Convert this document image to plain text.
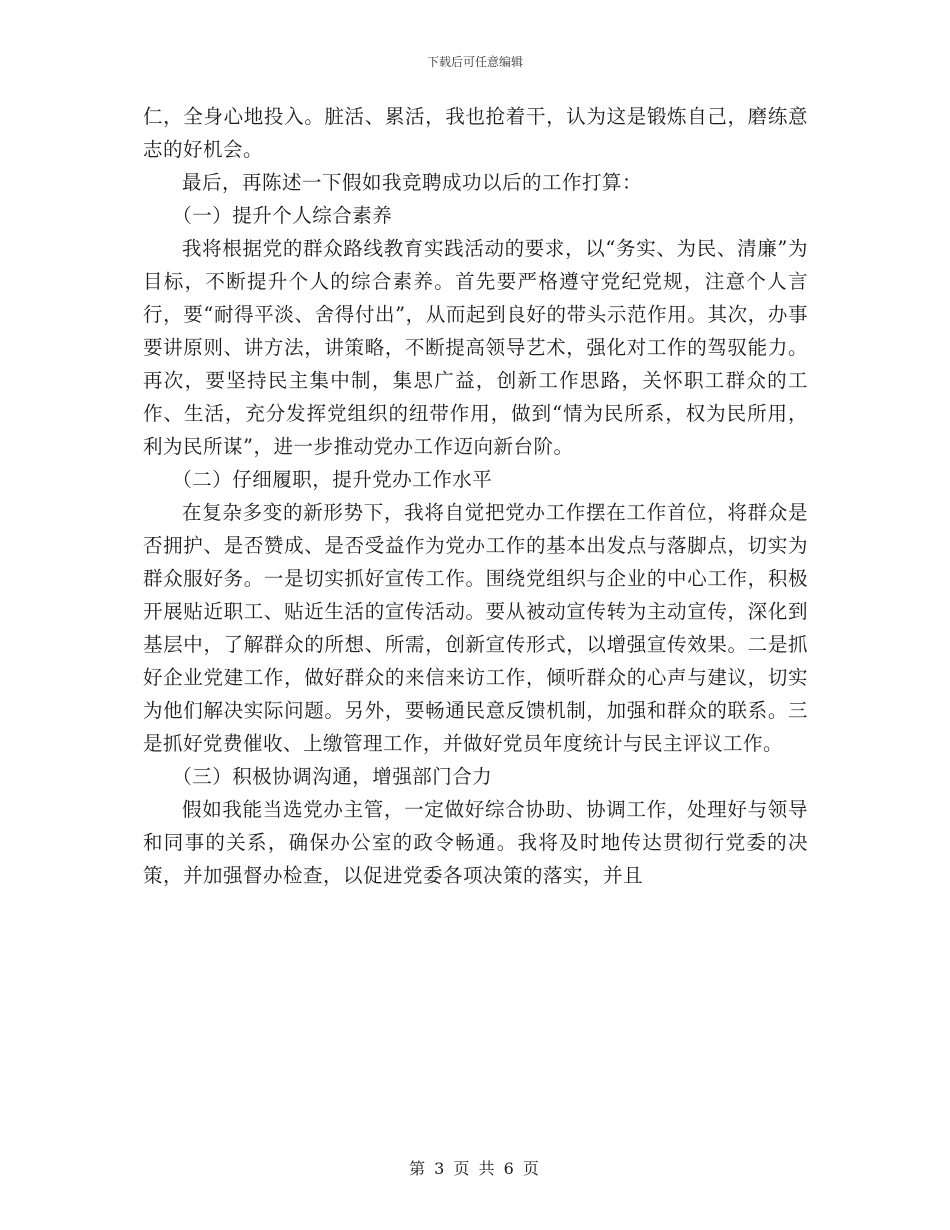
下载后可任意编辑

仁，全身心地投入。脏活、累活，我也抢着干，认为这是锻炼自己，磨练意志的好机会。

最后，再陈述一下假如我竞聘成功以后的工作打算：

（一）提升个人综合素养

我将根据党的群众路线教育实践活动的要求，以“务实、为民、清廉”为目标，不断提升个人的综合素养。首先要严格遵守党纪党规，注意个人言行，要“耐得平淡、舍得付出”，从而起到良好的带头示范作用。其次，办事要讲原则、讲方法，讲策略，不断提高领导艺术，强化对工作的驾驭能力。再次，要坚持民主集中制，集思广益，创新工作思路，关怀职工群众的工作、生活，充分发挥党组织的纽带作用，做到“情为民所系，权为民所用，利为民所谋”，进一步推动党办工作迈向新台阶。

（二）仔细履职，提升党办工作水平

在复杂多变的新形势下，我将自觉把党办工作摆在工作首位，将群众是否拥护、是否赞成、是否受益作为党办工作的基本出发点与落脚点，切实为群众服好务。一是切实抓好宣传工作。围绕党组织与企业的中心工作，积极开展贴近职工、贴近生活的宣传活动。要从被动宣传转为主动宣传，深化到基层中，了解群众的所想、所需，创新宣传形式，以增强宣传效果。二是抓好企业党建工作，做好群众的来信来访工作，倾听群众的心声与建议，切实为他们解决实际问题。另外，要畅通民意反馈机制，加强和群众的联系。三是抓好党费催收、上缴管理工作，并做好党员年度统计与民主评议工作。

（三）积极协调沟通，增强部门合力

假如我能当选党办主管，一定做好综合协助、协调工作，处理好与领导和同事的关系，确保办公室的政令畅通。我将及时地传达贯彻行党委的决策，并加强督办检查，以促进党委各项决策的落实，并且

第 3 页 共 6 页
